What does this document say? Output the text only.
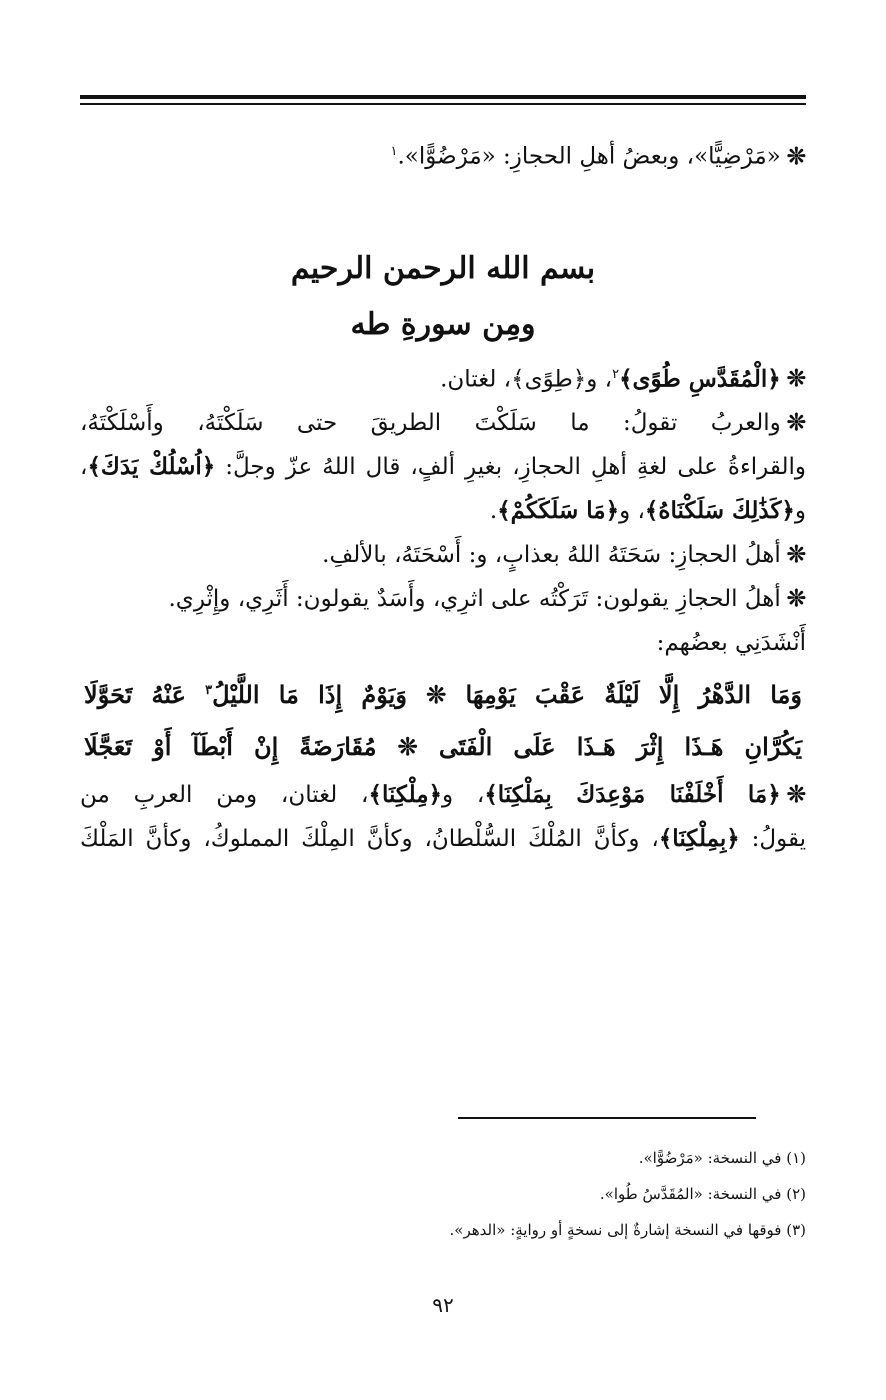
❊«مَرْضِيًّا»، وبعضُ أهلِ الحجازِ: «مَرْضُوًّا».$^١$
بسم الله الرحمن الرحيم
ومِن سورةِ طه
❊﴿الْمُقَدَّسِ طُوًى﴾$^٢$، و﴿طِوًى﴾، لغتان.
❊والعربُ تقولُ: ما سَلَكْتَ الطريقَ حتى سَلَكْتَهُ، وأَسْلَكْتَهُ،
والقراءةُ على لغةِ أهلِ الحجازِ، بغيرِ ألفٍ، قال اللهُ عزّ وجلَّ: ﴿اُسْلُكْ يَدَكَ﴾،
و﴿كَذَٰلِكَ سَلَكْنَاهُ﴾، و﴿مَا سَلَكَكُمْ﴾.
❊أهلُ الحجازِ: سَحَتَهُ اللهُ بعذابٍ، و: أَسْحَتَهُ، بالألفِ.
❊أهلُ الحجازِ يقولون: تَرَكْتُه على اثرِي، وأَسَدٌ يقولون: أَثَرِي، وإِثْرِي.
أَنْشَدَنِي بعضُهم:
وَمَا الدَّهْرُ إِلَّا لَيْلَةٌ عَقْبَ يَوْمِهَا ❊ وَيَوْمٌ إِذَا مَا اللَّيْلُ$^٣$ عَنْهُ تَحَوَّلَا
يَكُرَّانِ هَـذَا إِثْرَ هَـذَا عَلَى الْفَتَى ❊ مُقَارَضَةً إِنْ أَبْطَآ أَوْ تَعَجَّلَا
❊﴿مَا أَخْلَفْنَا مَوْعِدَكَ بِمَلْكِنَا﴾، و﴿مِلْكِنَا﴾، لغتان، ومن العربِ من
يقولُ: ﴿بِمِلْكِنَا﴾، وكأنَّ المُلْكَ السُّلْطانُ، وكأنَّ المِلْكَ المملوكُ، وكأنَّ المَلْكَ
(١) في النسخة: «مَرْضُوًّا».
(٢) في النسخة: «المُقَدَّسُ طُوا».
(٣) فوقها في النسخة إشارةٌ إلى نسخةٍ أو روايةٍ: «الدهر».
٩٢
